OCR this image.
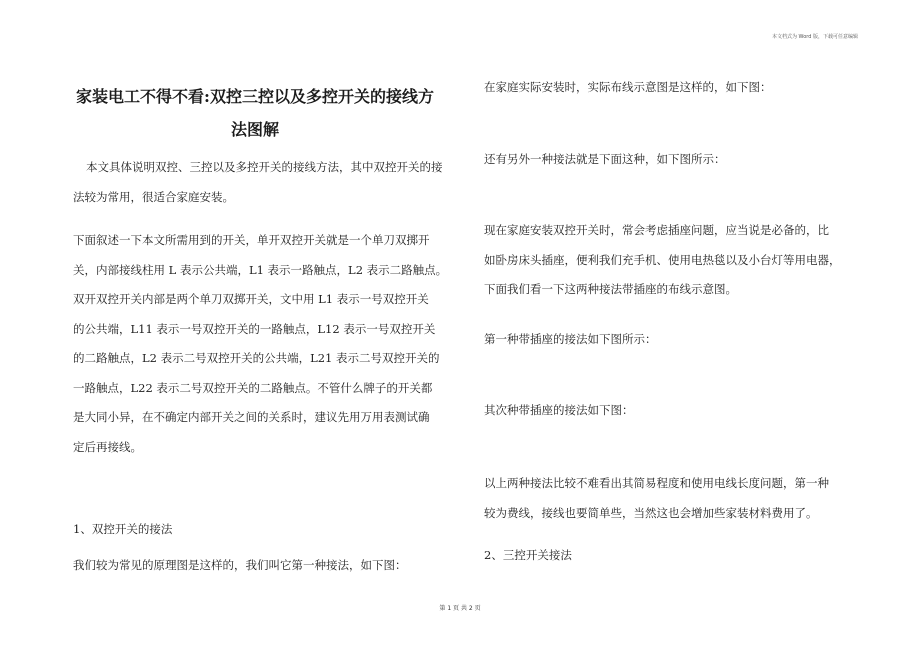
本文档式为 Word 版，下载可任意编辑
家装电工不得不看:双控三控以及多控开关的接线方
法图解
本文具体说明双控、三控以及多控开关的接线方法，其中双控开关的接
法较为常用，很适合家庭安装。
下面叙述一下本文所需用到的开关，单开双控开关就是一个单刀双掷开
关，内部接线柱用 L 表示公共端，L1 表示一路触点，L2 表示二路触点。
双开双控开关内部是两个单刀双掷开关，文中用 L1 表示一号双控开关
的公共端，L11 表示一号双控开关的一路触点，L12 表示一号双控开关
的二路触点，L2 表示二号双控开关的公共端，L21 表示二号双控开关的
一路触点，L22 表示二号双控开关的二路触点。不管什么牌子的开关都
是大同小异，在不确定内部开关之间的关系时，建议先用万用表测试确
定后再接线。
1、双控开关的接法
我们较为常见的原理图是这样的，我们叫它第一种接法，如下图：
在家庭实际安装时，实际布线示意图是这样的，如下图：
还有另外一种接法就是下面这种，如下图所示：
现在家庭安装双控开关时，常会考虑插座问题，应当说是必备的，比
如卧房床头插座，便利我们充手机、使用电热毯以及小台灯等用电器，
下面我们看一下这两种接法带插座的布线示意图。
第一种带插座的接法如下图所示：
其次种带插座的接法如下图：
以上两种接法比较不难看出其简易程度和使用电线长度问题，第一种
较为费线，接线也要简单些，当然这也会增加些家装材料费用了。
2、三控开关接法
第 1 页 共 2 页
